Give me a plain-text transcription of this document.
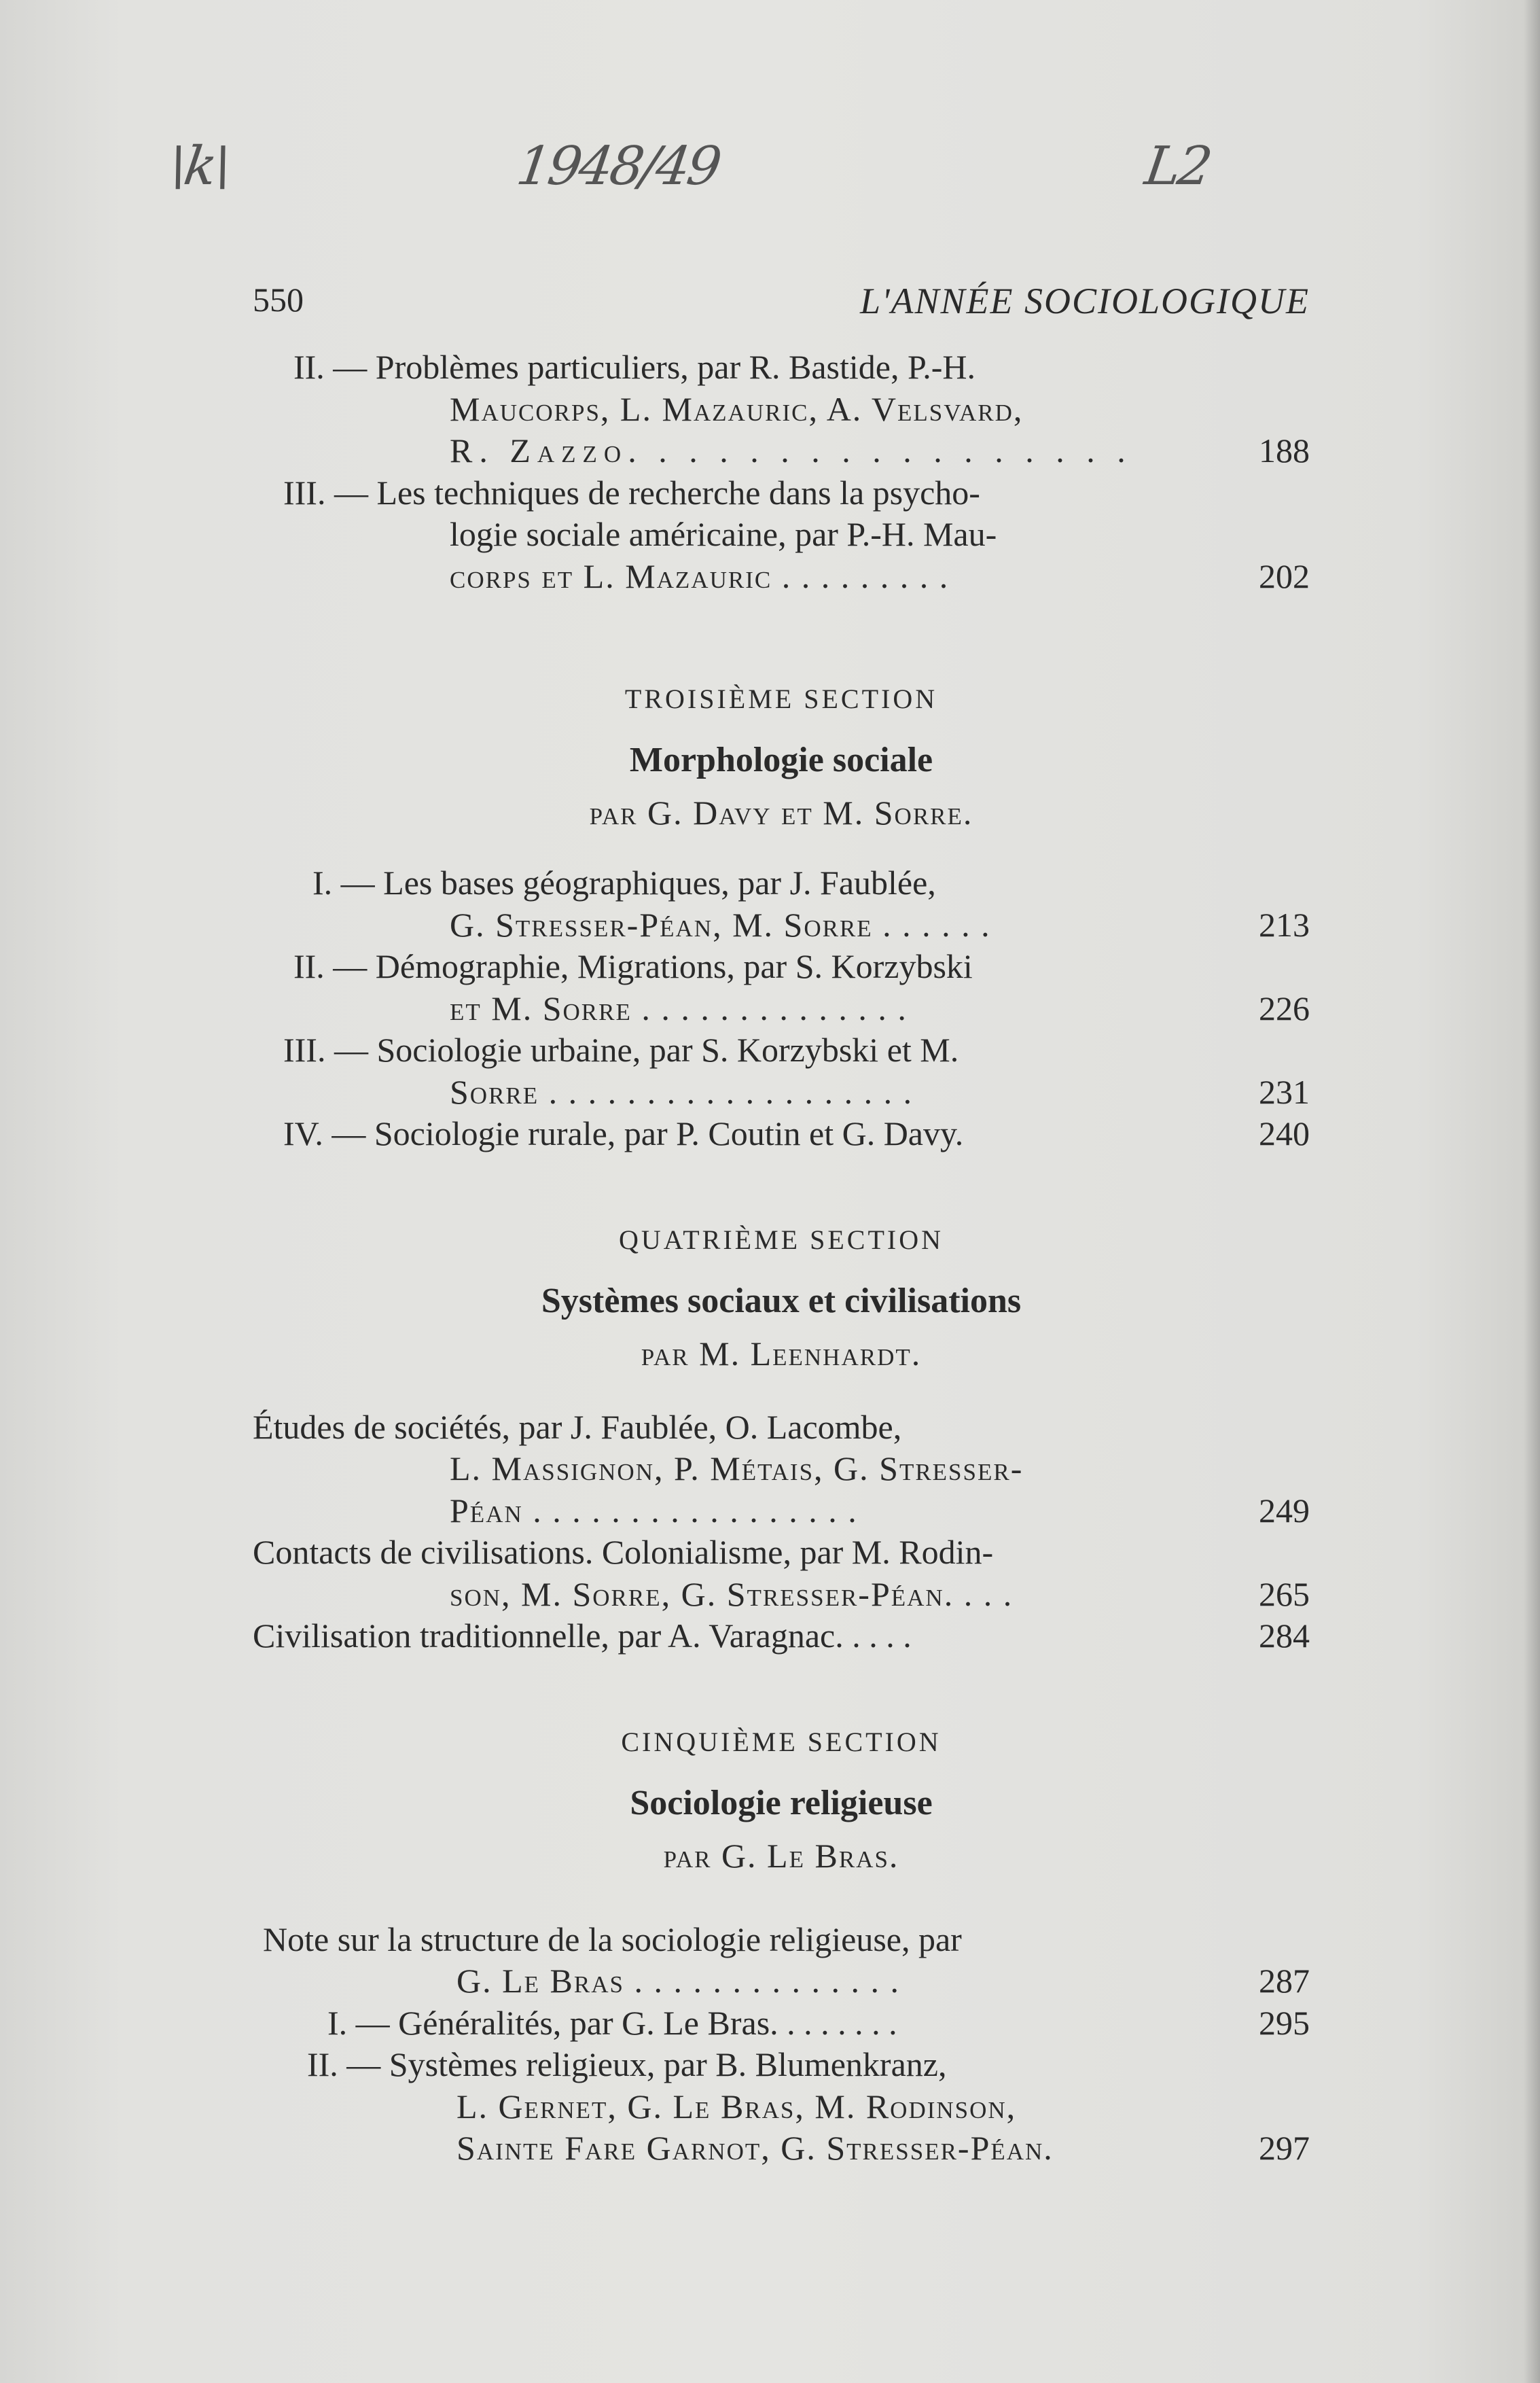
\k\	1948/49	L2
550	L'ANNÉE SOCIOLOGIQUE
II. — Problèmes particuliers, par R. Bastide, P.-H.
Maucorps, L. Mazauric, A. Velsvard,
R. Zazzo. . . . . . . . . . . . . . . . .	188
III. — Les techniques de recherche dans la psycho-
logie sociale américaine, par P.-H. Mau-
corps et L. Mazauric . . . . . . . . .	202
TROISIÈME SECTION
Morphologie sociale
par G. Davy et M. Sorre.
I. — Les bases géographiques, par J. Faublée,
G. Stresser-Péan, M. Sorre . . . . . .	213
II. — Démographie, Migrations, par S. Korzybski
et M. Sorre . . . . . . . . . . . . . .	226
III. — Sociologie urbaine, par S. Korzybski et M.
Sorre . . . . . . . . . . . . . . . . . . .	231
IV. — Sociologie rurale, par P. Coutin et G. Davy.	240
QUATRIÈME SECTION
Systèmes sociaux et civilisations
par M. Leenhardt.
Études de sociétés, par J. Faublée, O. Lacombe,
L. Massignon, P. Métais, G. Stresser-
Péan . . . . . . . . . . . . . . . . .	249
Contacts de civilisations. Colonialisme, par M. Rodin-
son, M. Sorre, G. Stresser-Péan. . . .	265
Civilisation traditionnelle, par A. Varagnac. . . . .	284
CINQUIÈME SECTION
Sociologie religieuse
par G. Le Bras.
Note sur la structure de la sociologie religieuse, par
G. Le Bras . . . . . . . . . . . . . .	287
I. — Généralités, par G. Le Bras. . . . . . . .	295
II. — Systèmes religieux, par B. Blumenkranz,
L. Gernet, G. Le Bras, M. Rodinson,
Sainte Fare Garnot, G. Stresser-Péan.	297
